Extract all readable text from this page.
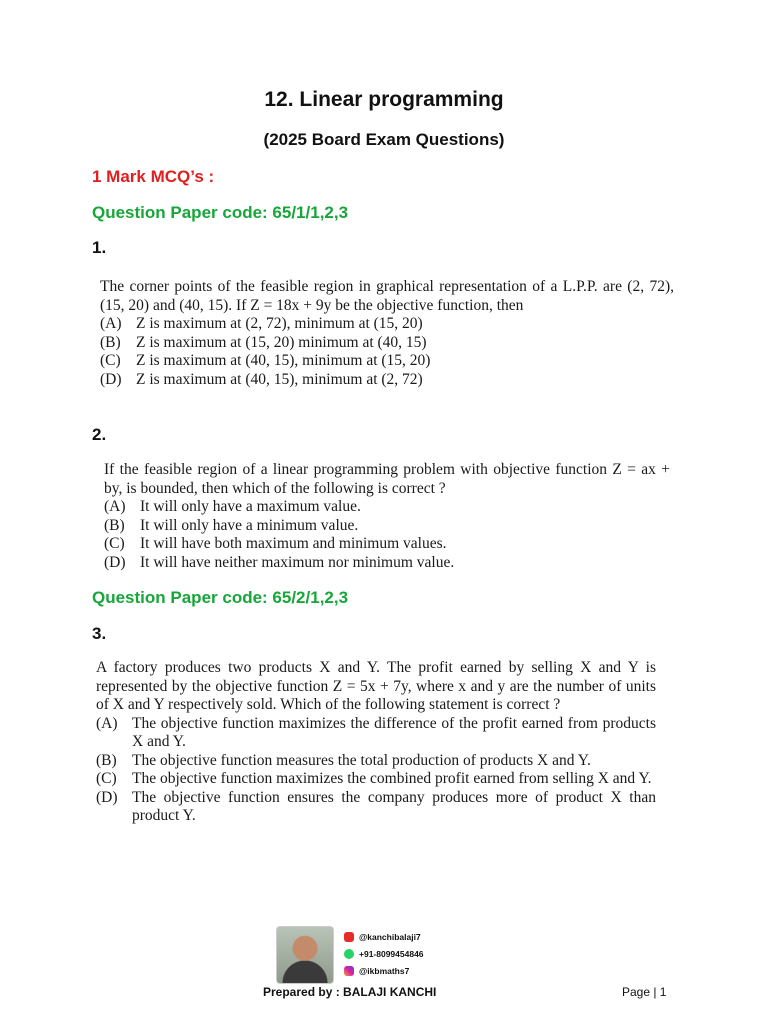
12. Linear programming
(2025 Board Exam Questions)
1 Mark MCQ’s :
Question Paper code: 65/1/1,2,3
1.

The corner points of the feasible region in graphical representation of a L.P.P. are (2, 72), (15, 20) and (40, 15). If Z = 18x + 9y be the objective function, then

(A) Z is maximum at (2, 72), minimum at (15, 20)
(B) Z is maximum at (15, 20) minimum at (40, 15)
(C) Z is maximum at (40, 15), minimum at (15, 20)
(D) Z is maximum at (40, 15), minimum at (2, 72)
2.

If the feasible region of a linear programming problem with objective function Z = ax + by, is bounded, then which of the following is correct ?

(A) It will only have a maximum value.
(B) It will only have a minimum value.
(C) It will have both maximum and minimum values.
(D) It will have neither maximum nor minimum value.
Question Paper code: 65/2/1,2,3
3.

A factory produces two products X and Y. The profit earned by selling X and Y is represented by the objective function Z = 5x + 7y, where x and y are the number of units of X and Y respectively sold. Which of the following statement is correct ?

(A) The objective function maximizes the difference of the profit earned from products X and Y.
(B) The objective function measures the total production of products X and Y.
(C) The objective function maximizes the combined profit earned from selling X and Y.
(D) The objective function ensures the company produces more of product X than product Y.
@kanchibalaji7
+91-8099454846
@ikbmaths7
Prepared by : BALAJI KANCHI	Page | 1
